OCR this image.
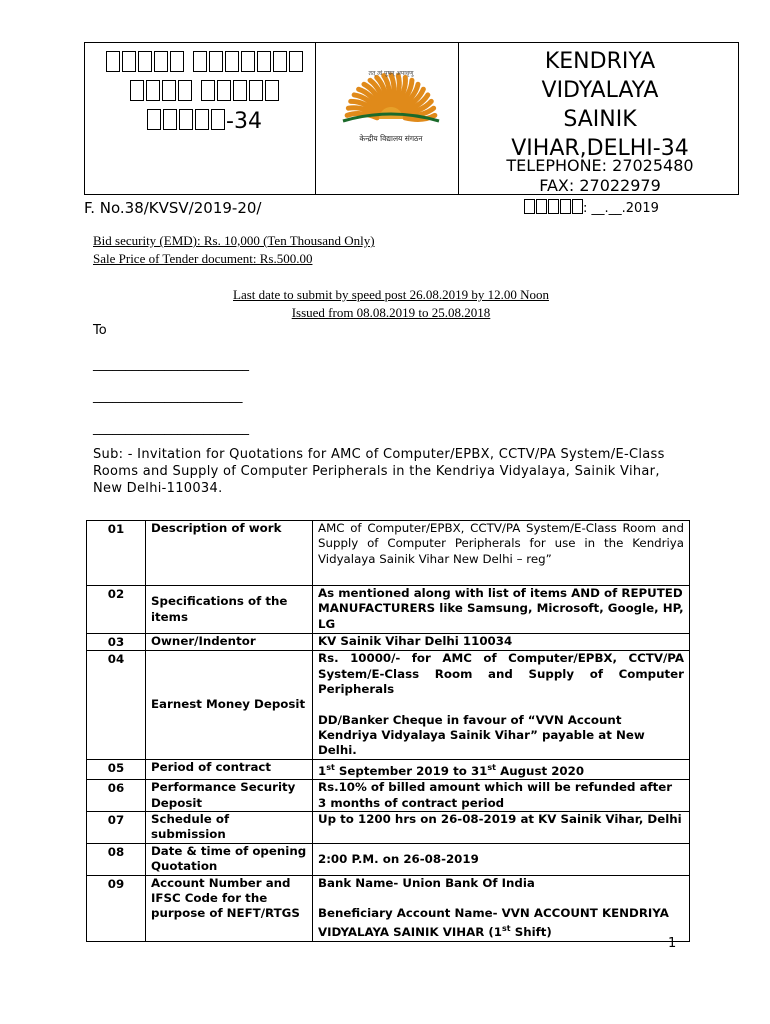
-34
तत् त्वं पूषन् अपावृणु
केन्द्रीय विद्यालय संगठन
KENDRIYA
VIDYALAYA
SAINIK
VIHAR,DELHI-34
TELEPHONE: 27025480
FAX: 27022979
F. No.38/KVSV/2019-20/	: __.__.2019
Bid security (EMD): Rs. 10,000 (Ten Thousand Only)
Sale Price of Tender document: Rs.500.00
Last date to submit by speed post 26.08.2019 by 12.00 Noon
Issued from 08.08.2019 to 25.08.2018
To
________________________
_______________________
________________________
Sub: - Invitation for Quotations for AMC of Computer/EPBX, CCTV/PA System/E-Class Rooms and Supply of Computer Peripherals in the Kendriya Vidyalaya, Sainik Vihar, New Delhi-110034.
01	Description of work	AMC of Computer/EPBX, CCTV/PA System/E-Class Room and Supply of Computer Peripherals for use in the Kendriya Vidyalaya Sainik Vihar New Delhi – reg”
02	Specifications of the items	As mentioned along with list of items AND of REPUTED MANUFACTURERS like Samsung, Microsoft, Google, HP, LG
03	Owner/Indentor	KV Sainik Vihar Delhi 110034
04	Earnest Money Deposit	Rs. 10000/- for AMC of Computer/EPBX, CCTV/PA System/E-Class Room and Supply of Computer Peripherals
DD/Banker Cheque in favour of “VVN Account Kendriya Vidyalaya Sainik Vihar” payable at New Delhi.

05	Period of contract	1st September 2019 to 31st August 2020
06	Performance Security Deposit	Rs.10% of billed amount which will be refunded after 3 months of contract period
07	Schedule of submission	Up to 1200 hrs on 26-08-2019 at KV Sainik Vihar, Delhi
08	Date & time of opening Quotation	2:00 P.M. on 26-08-2019
09	Account Number and IFSC Code for the purpose of NEFT/RTGS	Bank Name- Union Bank Of India
Beneficiary Account Name- VVN ACCOUNT KENDRIYA VIDYALAYA SAINIK VIHAR (1st Shift)
1
